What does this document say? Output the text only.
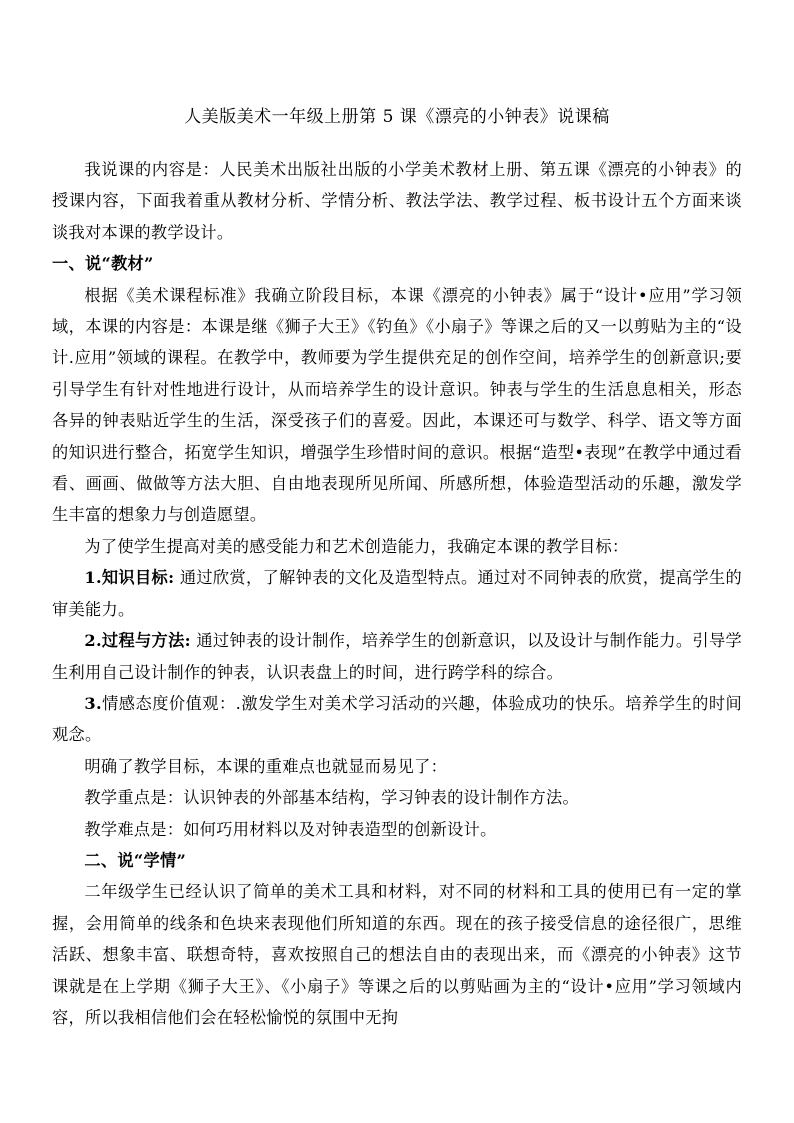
人美版美术一年级上册第 5 课《漂亮的小钟表》说课稿

我说课的内容是：人民美术出版社出版的小学美术教材上册、第五课《漂亮的小钟表》的授课内容，下面我着重从教材分析、学情分析、教法学法、教学过程、板书设计五个方面来谈谈我对本课的教学设计。

一、说“教材”

根据《美术课程标准》我确立阶段目标，本课《漂亮的小钟表》属于“设计•应用”学习领域，本课的内容是：本课是继《狮子大王》《钓鱼》《小扇子》等课之后的又一以剪贴为主的“设计.应用”领域的课程。在教学中，教师要为学生提供充足的创作空间，培养学生的创新意识;要引导学生有针对性地进行设计，从而培养学生的设计意识。钟表与学生的生活息息相关，形态各异的钟表贴近学生的生活，深受孩子们的喜爱。因此，本课还可与数学、科学、语文等方面的知识进行整合，拓宽学生知识，增强学生珍惜时间的意识。根据“造型•表现”在教学中通过看看、画画、做做等方法大胆、自由地表现所见所闻、所感所想，体验造型活动的乐趣，激发学生丰富的想象力与创造愿望。

为了使学生提高对美的感受能力和艺术创造能力，我确定本课的教学目标：

1.知识目标: 通过欣赏，了解钟表的文化及造型特点。通过对不同钟表的欣赏，提高学生的审美能力。

2.过程与方法: 通过钟表的设计制作，培养学生的创新意识，以及设计与制作能力。引导学生利用自己设计制作的钟表，认识表盘上的时间，进行跨学科的综合。

3.情感态度价值观：.激发学生对美术学习活动的兴趣，体验成功的快乐。培养学生的时间观念。

明确了教学目标，本课的重难点也就显而易见了：

教学重点是：认识钟表的外部基本结构，学习钟表的设计制作方法。

教学难点是：如何巧用材料以及对钟表造型的创新设计。

二、说“学情”

二年级学生已经认识了简单的美术工具和材料，对不同的材料和工具的使用已有一定的掌握，会用简单的线条和色块来表现他们所知道的东西。现在的孩子接受信息的途径很广，思维活跃、想象丰富、联想奇特，喜欢按照自己的想法自由的表现出来，而《漂亮的小钟表》这节课就是在上学期《狮子大王》、《小扇子》等课之后的以剪贴画为主的“设计•应用”学习领域内容，所以我相信他们会在轻松愉悦的氛围中无拘
